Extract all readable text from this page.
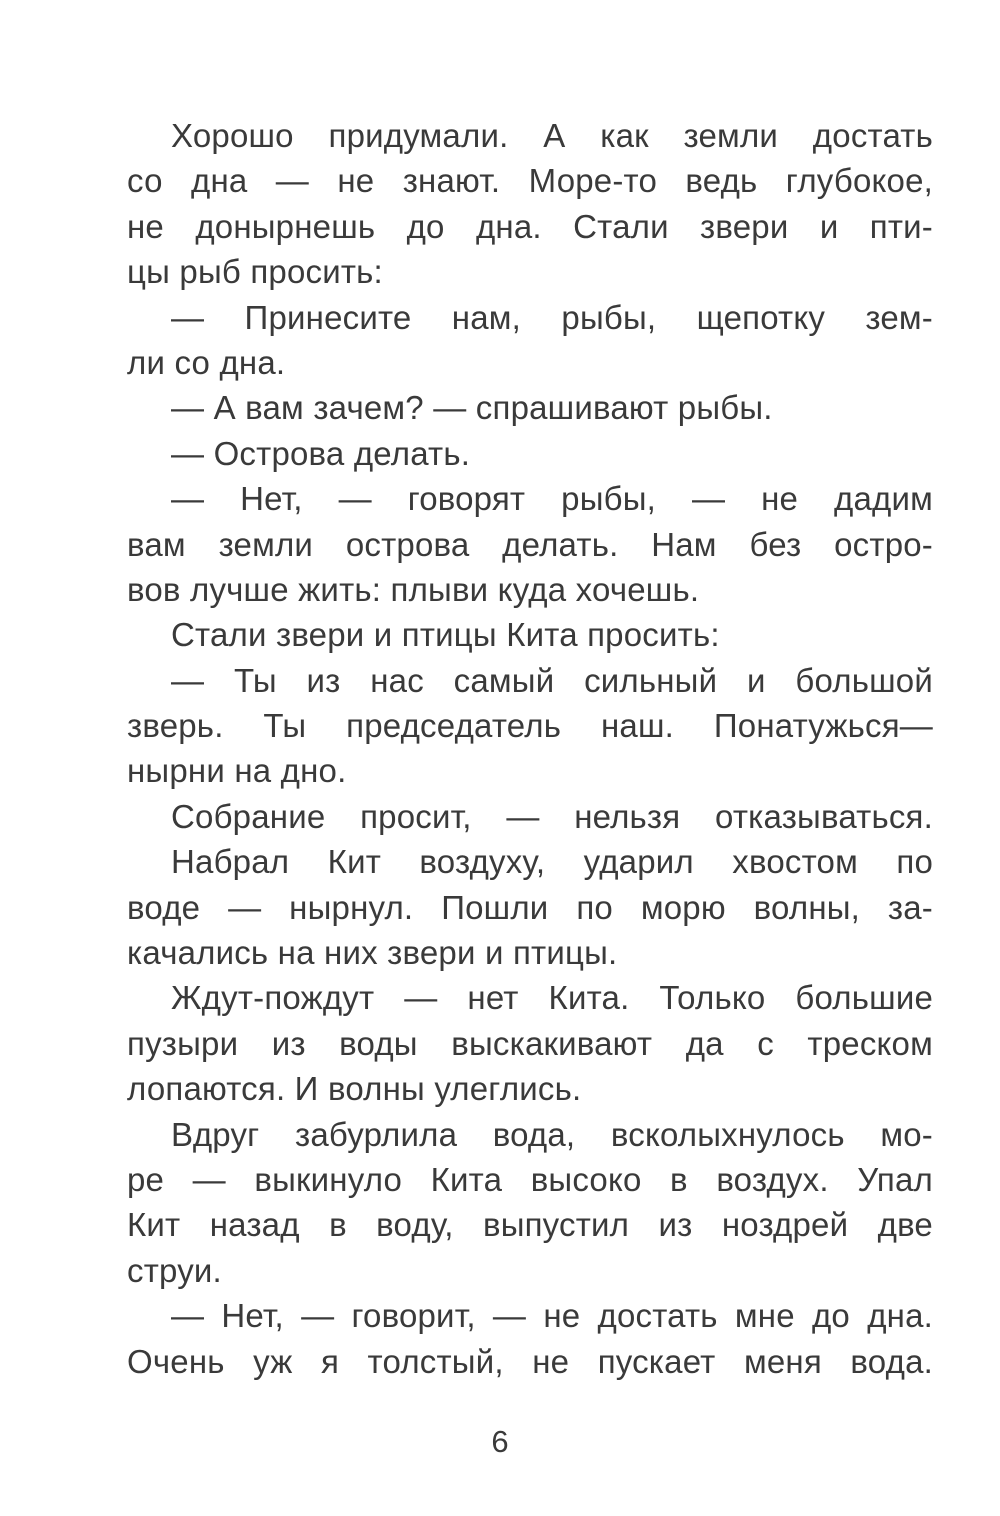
Хорошо придумали. А как земли достать
со дна — не знают. Море-то ведь глубокое,
не донырнешь до дна. Стали звери и пти-
цы рыб просить:
— Принесите нам, рыбы, щепотку зем-
ли со дна.
— А вам зачем? — спрашивают рыбы.
— Острова делать.
— Нет, — говорят рыбы, — не дадим
вам земли острова делать. Нам без остро-
вов лучше жить: плыви куда хочешь.
Стали звери и птицы Кита просить:
— Ты из нас самый сильный и большой
зверь. Ты председатель наш. Понатужься—
нырни на дно.
Собрание просит, — нельзя отказываться.
Набрал Кит воздуху, ударил хвостом по
воде — нырнул. Пошли по морю волны, за-
качались на них звери и птицы.
Ждут-пождут — нет Кита. Только большие
пузыри из воды выскакивают да с треском
лопаются. И волны улеглись.
Вдруг забурлила вода, всколыхнулось мо-
ре — выкинуло Кита высоко в воздух. Упал
Кит назад в воду, выпустил из ноздрей две
струи.
— Нет, — говорит, — не достать мне до дна.
Очень уж я толстый, не пускает меня вода.
6
